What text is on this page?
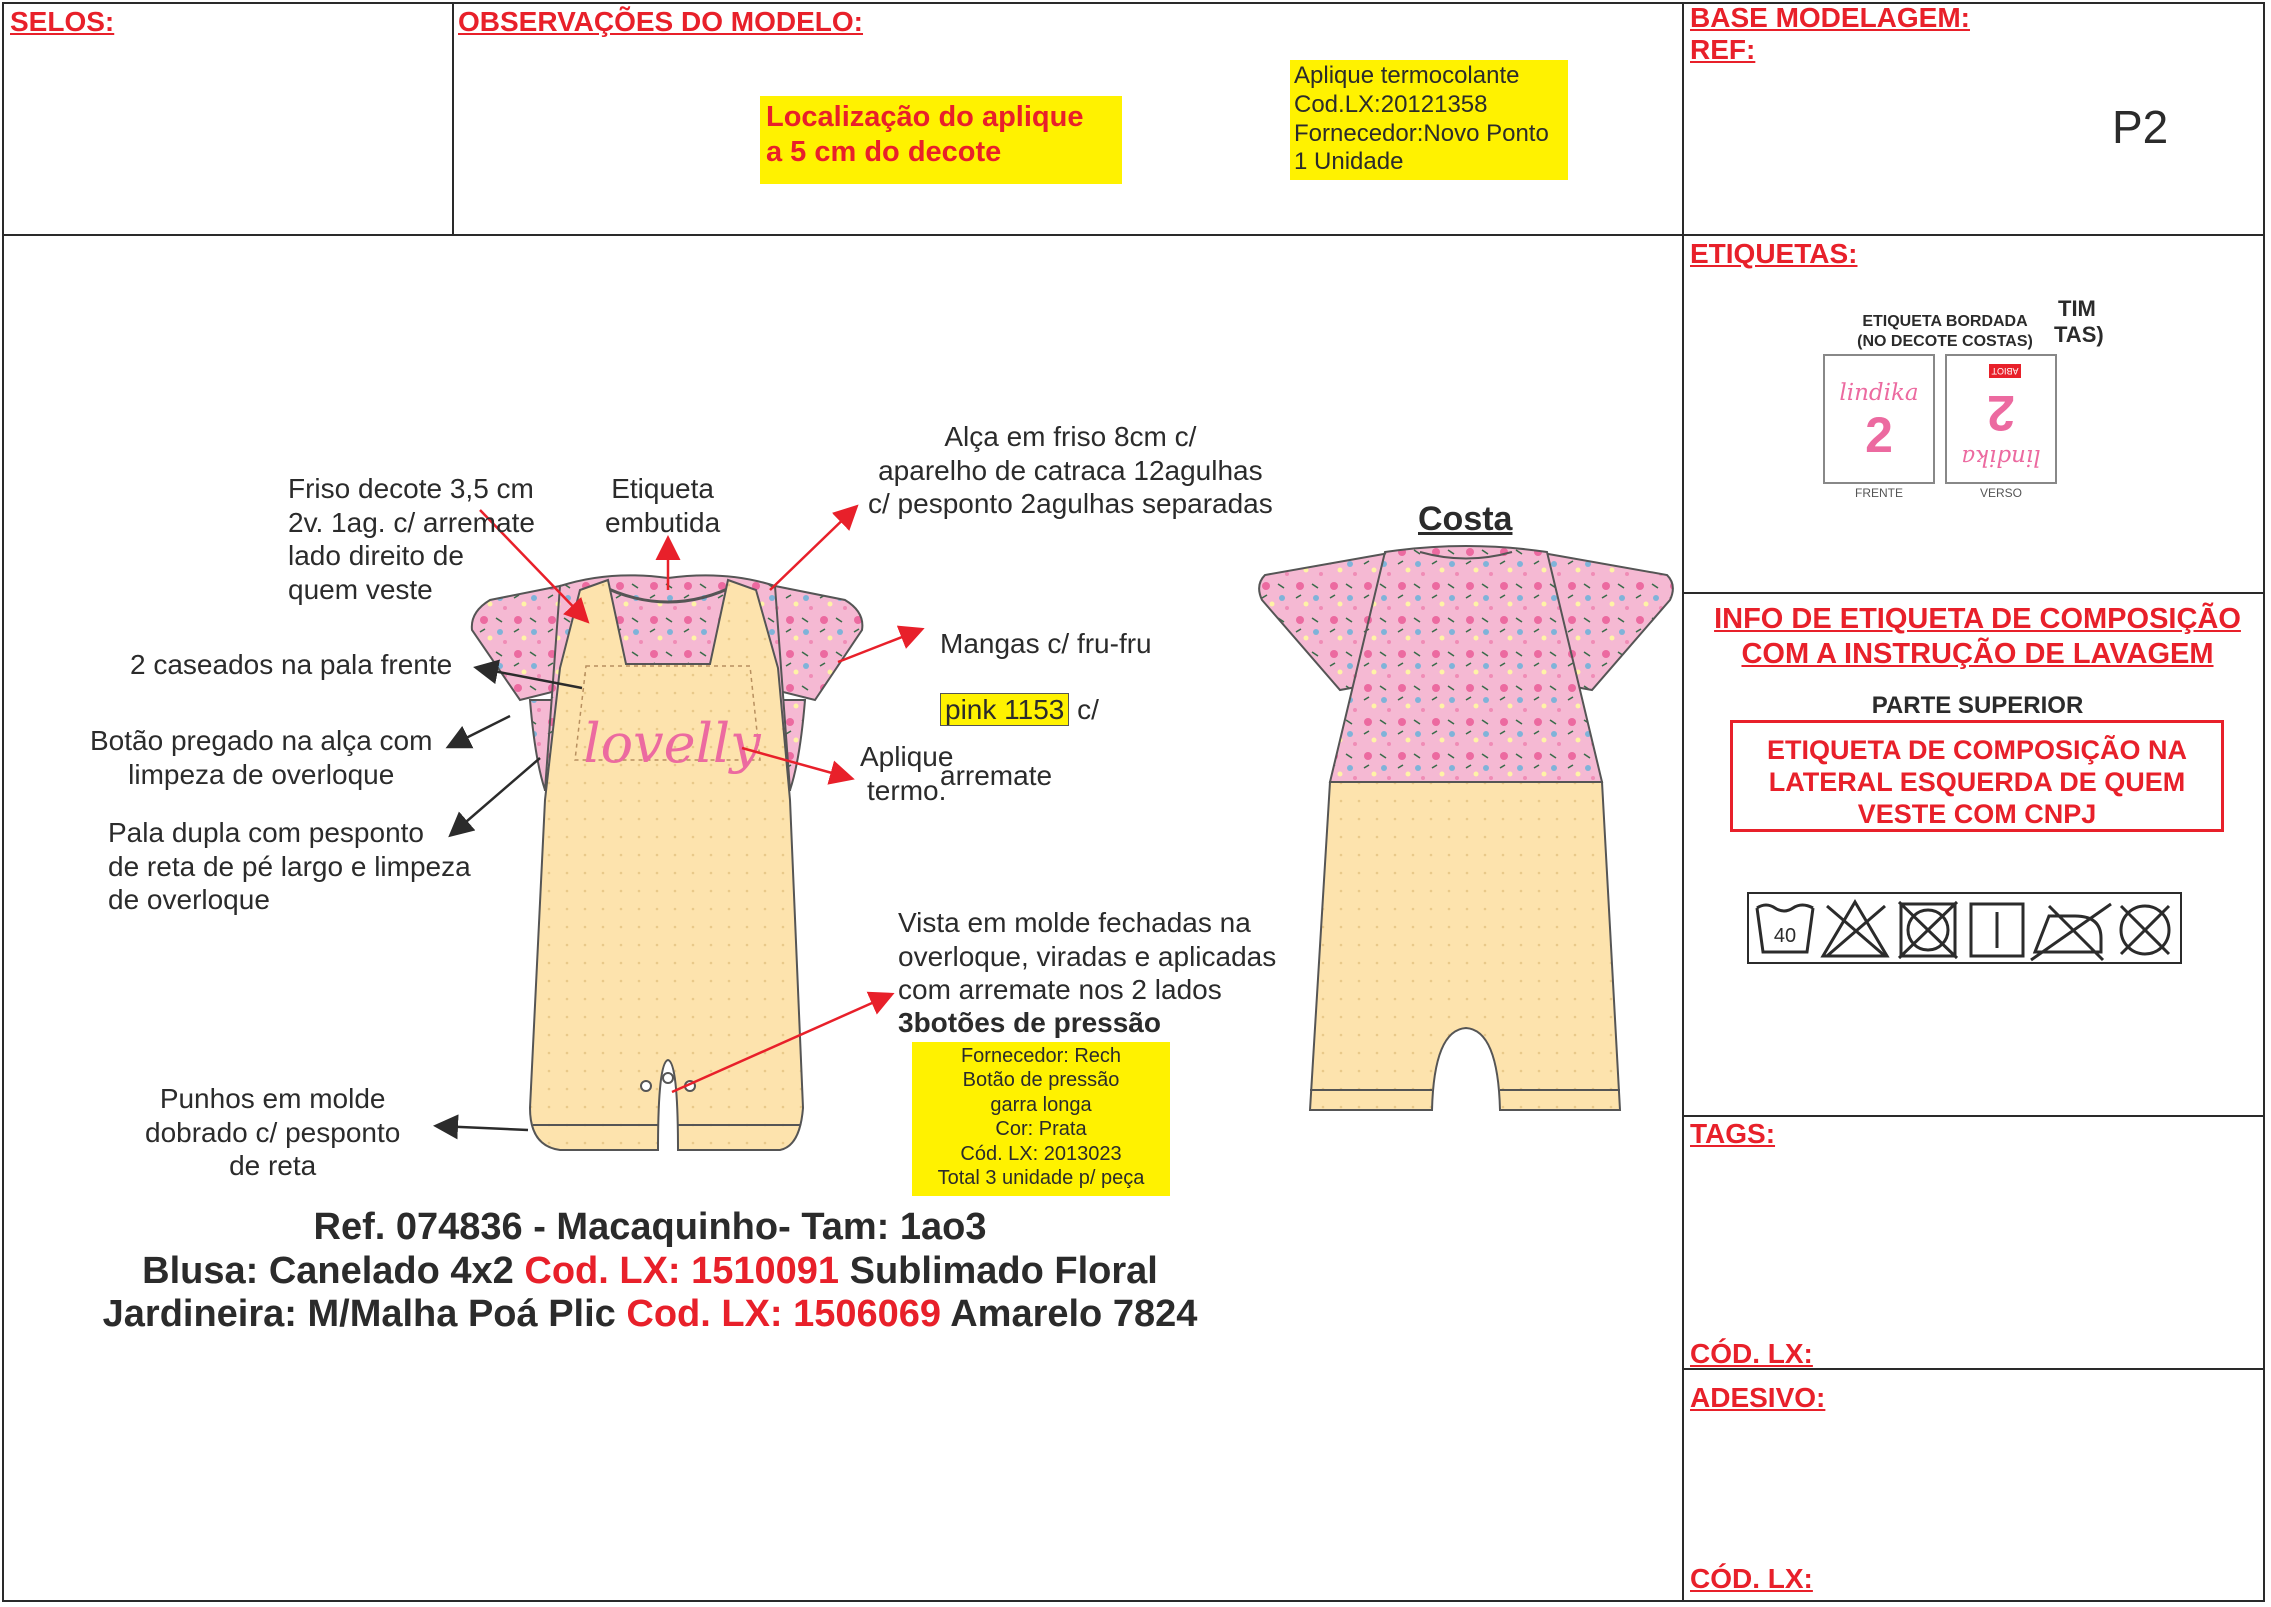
SELOS:	OBSERVAÇÕES DO MODELO:	BASE MODELAGEM:
REF:
P2
ETIQUETAS:
TAGS:
CÓD. LX:
ADESIVO:
CÓD. LX:
Localização do aplique
a 5 cm do decote
Aplique termocolante
Cod.LX:20121358
Fornecedor:Novo Ponto
1 Unidade
ETIQUETA BORDADA
(NO DECOTE COSTAS)
TIM
TAS)
lindika
2
ABIOT
2
lindika
FRENTE	VERSO
INFO DE ETIQUETA DE COMPOSIÇÃO
COM A INSTRUÇÃO DE LAVAGEM
PARTE SUPERIOR
ETIQUETA DE COMPOSIÇÃO NA
LATERAL ESQUERDA DE QUEM
VESTE COM CNPJ
40
lovelly
Friso decote 3,5 cm
2v. 1ag. c/ arremate
lado direito de
quem veste
Etiqueta
embutida
Alça em friso 8cm c/
aparelho de catraca 12agulhas
c/ pesponto 2agulhas separadas
2 caseados na pala frente
Botão pregado na alça com
limpeza de overloque
Pala dupla com pesponto
de reta de pé largo e limpeza
de overloque

Mangas c/ fru-fru

pink 1153 c/

arremate

Aplique
termo.
Vista em molde fechadas na
overloque, viradas e aplicadas
com arremate nos 2 lados
3botões de pressão
Fornecedor: Rech
Botão de pressão
garra longa
Cor: Prata
Cód. LX: 2013023
Total 3 unidade p/ peça
Punhos em molde
dobrado c/ pesponto
de reta
Costa
Ref. 074836 - Macaquinho- Tam: 1ao3
Blusa: Canelado 4x2 Cod. LX: 1510091 Sublimado Floral
Jardineira: M/Malha Poá Plic Cod. LX: 1506069 Amarelo 7824
